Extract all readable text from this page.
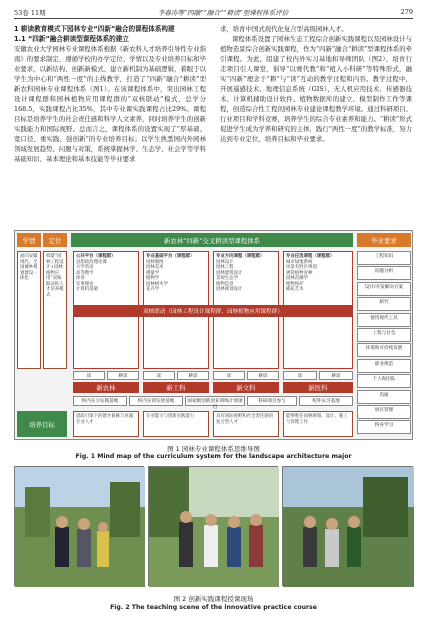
53卷 11期	李春涛等“四融”“融合”“耕读”型课程体系评价	279
1 耕读教育模式下园林专业“四新”融合的课程体系构建
1.1 “四新”融合耕读型课程体系的建立
安徽农业大学园林专业课程体系根据《新农科人才培养引导性专业指南》的要求制定，遵循学校的办学定位、学情以及专业培养目标和毕业要求，以新结构、创新新模式、建立新机制为基础逻辑，着眼于以学生为中心和“两性一度”的主线教学，打造了“四新”融合“耕读”型新农科园林专业课程体系（图1）。在该课程体系中，突出园林工程设计课程群和园林植物应用课程群的“双核联动”模式，总学分168.5，实践课程占比35%，其中专业课实践课程占比29%。课程目标是培养学生的社会责任感和科学人文素养，同时培养学生的创新实践能力和国际视野。总而言之，课程体系的设置实现了“厚基础、宽口径、重实践、强创新”的专业培养目标；以学生熟悉园内外园林领域发展趋势、问题与对策，系统掌握林学、生态学、社会学等学科基础知识、基本理论和基本技能等毕业要求
求，培育中国式现代化复合型高级园林人才。
课程体系设置了园林生态工程综合创新实践课程以及园林设计与植物造景综合创新实践课程，作为“四新”融合“耕读”型课程体系的牵引课程。为此，组建了校内外实习基地和导师团队（图2），培育行走项目引人课堂，倡导“以赛代教”和“植入小科研”等特殊形式，融实“四新”理念于“耕”与“读”互动的教学过程和内容。教学过程中，开展遥感技术、地理信息系统（GIS）、无人机应用技术、传感器技术、计算机辅助设计软件、植物数据库的建立、模型制作工作等课程，创造综合性工程的园林专业建论课程教学环境。通过科研项目、行业项目和学科竞赛，培养学生的综合专业素养和能力。“耕读”形式促进学生成为学养和研究的主体，践行“两性一度”的教学标准，努力达到专业定位、培养目标和毕业要求。
学情	定位	新农林“四新”交叉耕读型课程体系	毕业要求
面向安徽现代、全国城乡规划建设一体化
构建“园林工程设计+园林植物应用”双核联动的人才培养模式
公共平台（课程群）
思想政治理论课
大学英语
高等数学
体育
军事理论
计算机基础
专业基础平台（课程群）
园林制图
园林美术
测量学
植物学
园林树木学
花卉学
专业方向课程（课程群）
园林设计
园林工程
园林建筑设计
景观生态学
植物造景
园林规划设计
专业任选课程（课程群）
城市绿地系统
风景名胜区规划
观赏植物育种
园林苗圃学
植物保护
插花艺术
双核联动（园林工程设计课程群、园林植物应用课程群）
读	耕读	读	耕读	读	耕读	读	耕读
新农林	新工科	新文科	新医科
校内实习实践基地	校内实训实验基地	国家级创新创业训练计划项目
科研项目参与	校外实习基地
培养目标
思政引领下的德才兼修与卓越专业人才
专业能力与创新实践能力	具有国际视野和社会责任感的复合型人才
能够胜任园林规划、设计、施工与管理工作
工程知识
问题分析
设计/开发解决方案
研究
使用现代工具
工程与社会
环境和可持续发展
职业规范
个人和团队
沟通
项目管理
终身学习
图 1 园林专业课程体系思维导图
Fig. 1 Mind map of the curriculum system for the landscape architecture major
图 2 创新实践课程授课现场
Fig. 2 The teaching scene of the innovative practice course
